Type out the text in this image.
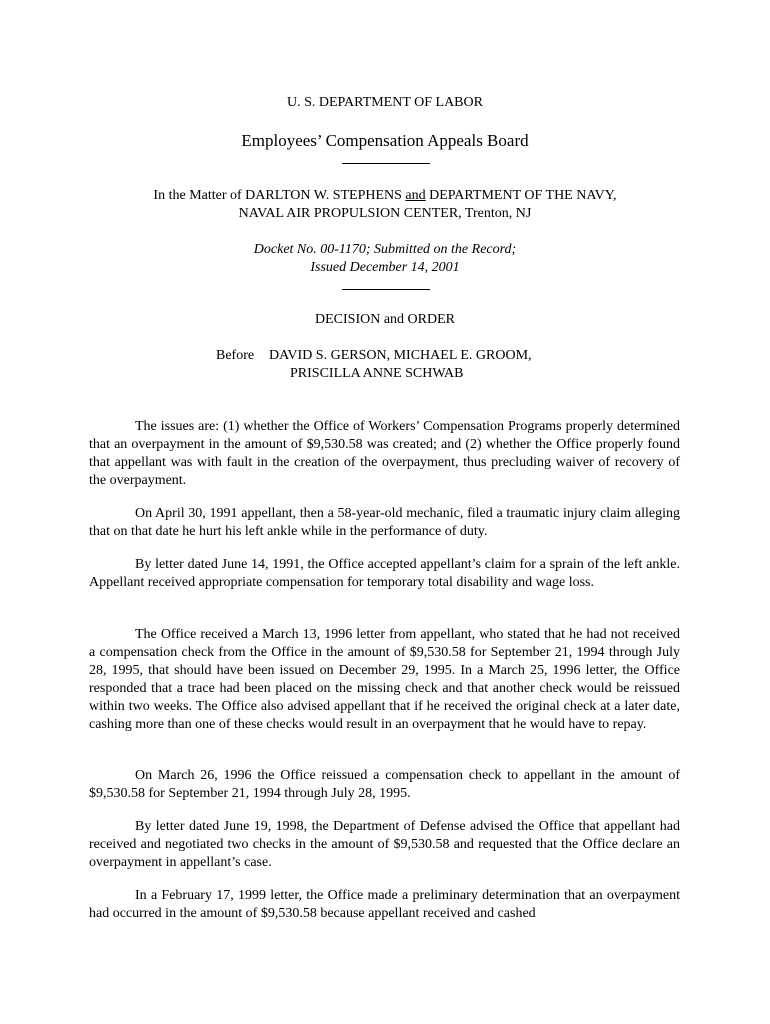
U. S. DEPARTMENT OF LABOR
Employees’ Compensation Appeals Board
In the Matter of DARLTON W. STEPHENS and DEPARTMENT OF THE NAVY,
NAVAL AIR PROPULSION CENTER, Trenton, NJ
Docket No. 00-1170; Submitted on the Record;
Issued December 14, 2001
DECISION and ORDER
Before DAVID S. GERSON, MICHAEL E. GROOM,
PRISCILLA ANNE SCHWAB

The issues are: (1) whether the Office of Workers’ Compensation Programs properly determined that an overpayment in the amount of $9,530.58 was created; and (2) whether the Office properly found that appellant was with fault in the creation of the overpayment, thus precluding waiver of recovery of the overpayment.

On April 30, 1991 appellant, then a 58-year-old mechanic, filed a traumatic injury claim alleging that on that date he hurt his left ankle while in the performance of duty.

By letter dated June 14, 1991, the Office accepted appellant’s claim for a sprain of the left ankle. Appellant received appropriate compensation for temporary total disability and wage loss.

The Office received a March 13, 1996 letter from appellant, who stated that he had not received a compensation check from the Office in the amount of $9,530.58 for September 21, 1994 through July 28, 1995, that should have been issued on December 29, 1995. In a March 25, 1996 letter, the Office responded that a trace had been placed on the missing check and that another check would be reissued within two weeks. The Office also advised appellant that if he received the original check at a later date, cashing more than one of these checks would result in an overpayment that he would have to repay.

On March 26, 1996 the Office reissued a compensation check to appellant in the amount of $9,530.58 for September 21, 1994 through July 28, 1995.

By letter dated June 19, 1998, the Department of Defense advised the Office that appellant had received and negotiated two checks in the amount of $9,530.58 and requested that the Office declare an overpayment in appellant’s case.

In a February 17, 1999 letter, the Office made a preliminary determination that an overpayment had occurred in the amount of $9,530.58 because appellant received and cashed
